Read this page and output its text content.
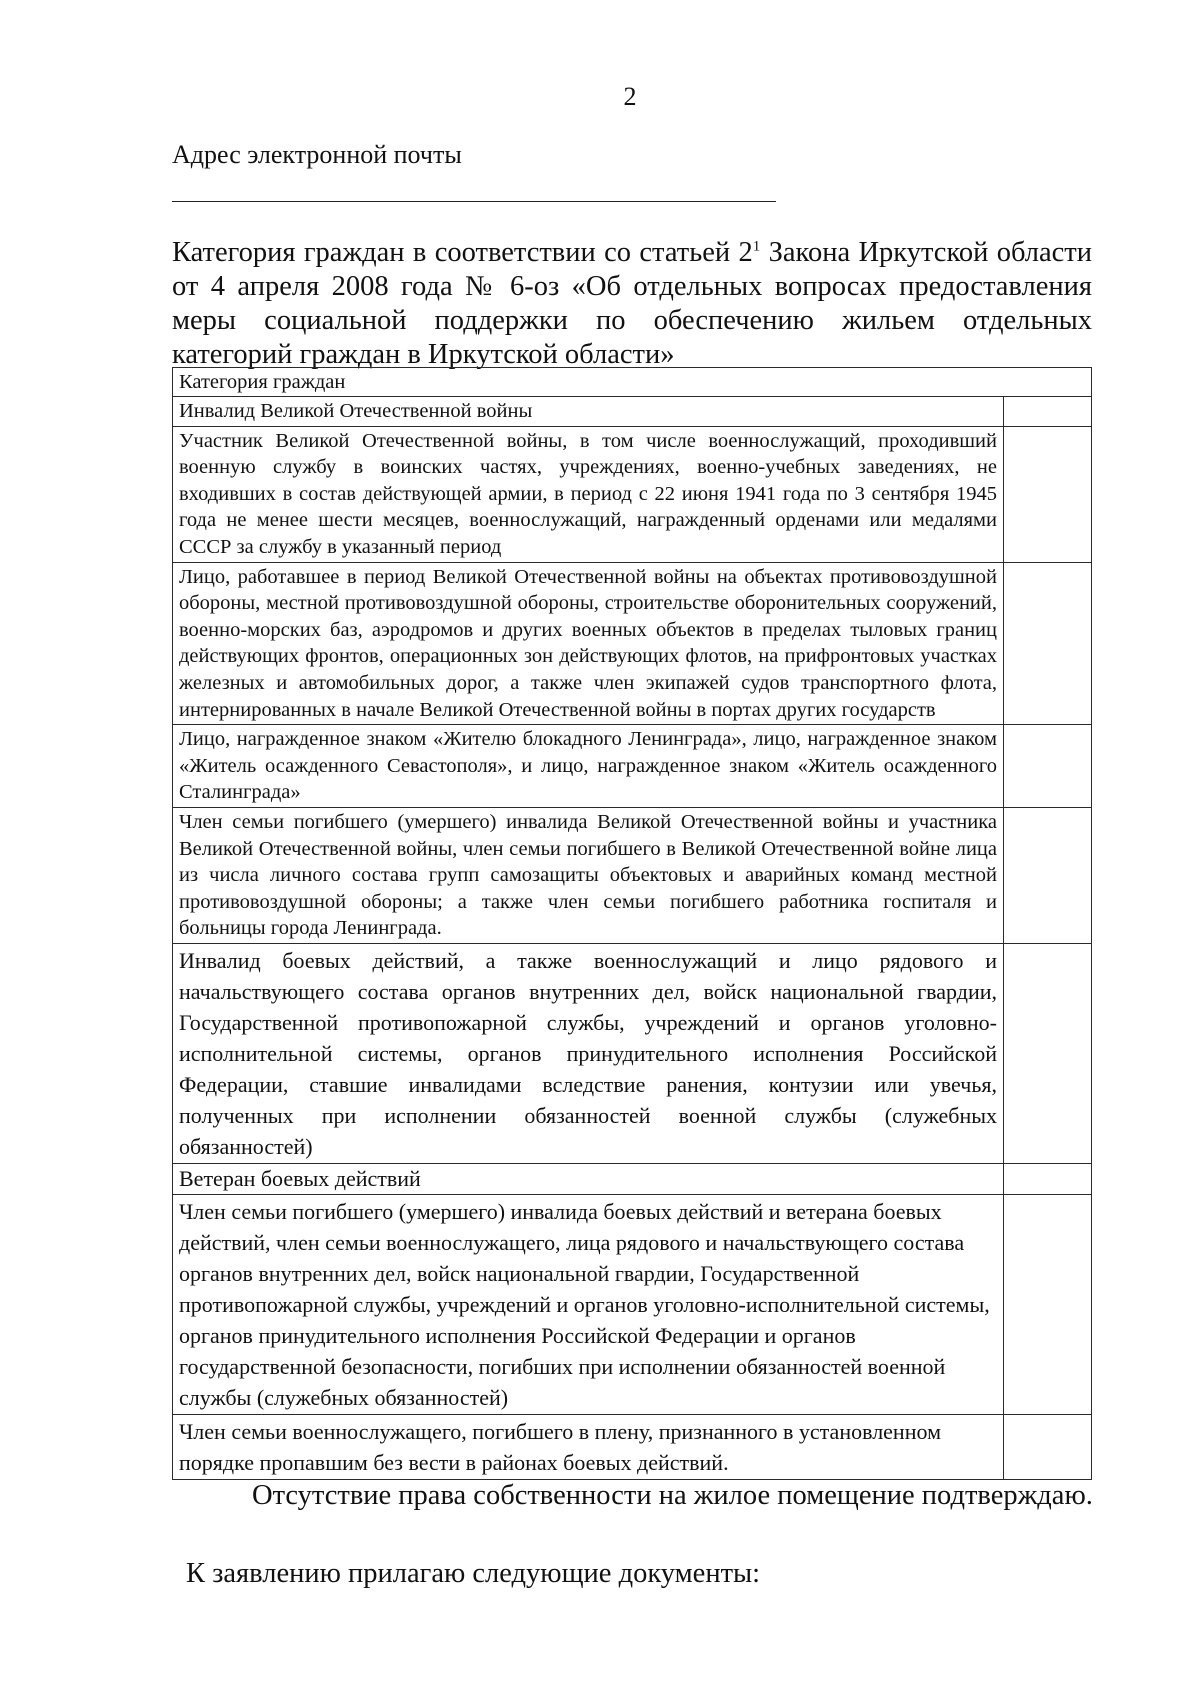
2
Адрес электронной почты
Категория граждан в соответствии со статьей $2^1$ Закона Иркутской области от 4 апреля 2008 года № 6-оз «Об отдельных вопросах предоставления меры социальной поддержки по обеспечению жильем отдельных категорий граждан в Иркутской области»
Категория граждан	
Инвалид Великой Отечественной войны	
Участник Великой Отечественной войны, в том числе военнослужащий, проходивший военную службу в воинских частях, учреждениях, военно-учебных заведениях, не входивших в состав действующей армии, в период с 22 июня 1941 года по 3 сентября 1945 года не менее шести месяцев, военнослужащий, награжденный орденами или медалями СССР за службу в указанный период	
Лицо, работавшее в период Великой Отечественной войны на объектах противовоздушной обороны, местной противовоздушной обороны, строительстве оборонительных сооружений, военно-морских баз, аэродромов и других военных объектов в пределах тыловых границ действующих фронтов, операционных зон действующих флотов, на прифронтовых участках железных и автомобильных дорог, а также член экипажей судов транспортного флота, интернированных в начале Великой Отечественной войны в портах других государств	
Лицо, награжденное знаком «Жителю блокадного Ленинграда», лицо, награжденное знаком «Житель осажденного Севастополя», и лицо, награжденное знаком «Житель осажденного Сталинграда»	
Член семьи погибшего (умершего) инвалида Великой Отечественной войны и участника Великой Отечественной войны, член семьи погибшего в Великой Отечественной войне лица из числа личного состава групп самозащиты объектовых и аварийных команд местной противовоздушной обороны; а также член семьи погибшего работника госпиталя и больницы города Ленинграда.	
Инвалид боевых действий, а также военнослужащий и лицо рядового и начальствующего состава органов внутренних дел, войск национальной гвардии, Государственной противопожарной службы, учреждений и органов уголовно-исполнительной системы, органов принудительного исполнения Российской Федерации, ставшие инвалидами вследствие ранения, контузии или увечья, полученных при исполнении обязанностей военной службы (служебных обязанностей)	
Ветеран боевых действий	
Член семьи погибшего (умершего) инвалида боевых действий и ветерана боевых действий, член семьи военнослужащего, лица рядового и начальствующего состава органов внутренних дел, войск национальной гвардии, Государственной противопожарной службы, учреждений и органов уголовно-исполнительной системы, органов принудительного исполнения Российской Федерации и органов государственной безопасности, погибших при исполнении обязанностей военной службы (служебных обязанностей)	
Член семьи военнослужащего, погибшего в плену, признанного в установленном порядке пропавшим без вести в районах боевых действий.	
Отсутствие права собственности на жилое помещение подтверждаю.
К заявлению прилагаю следующие документы:
